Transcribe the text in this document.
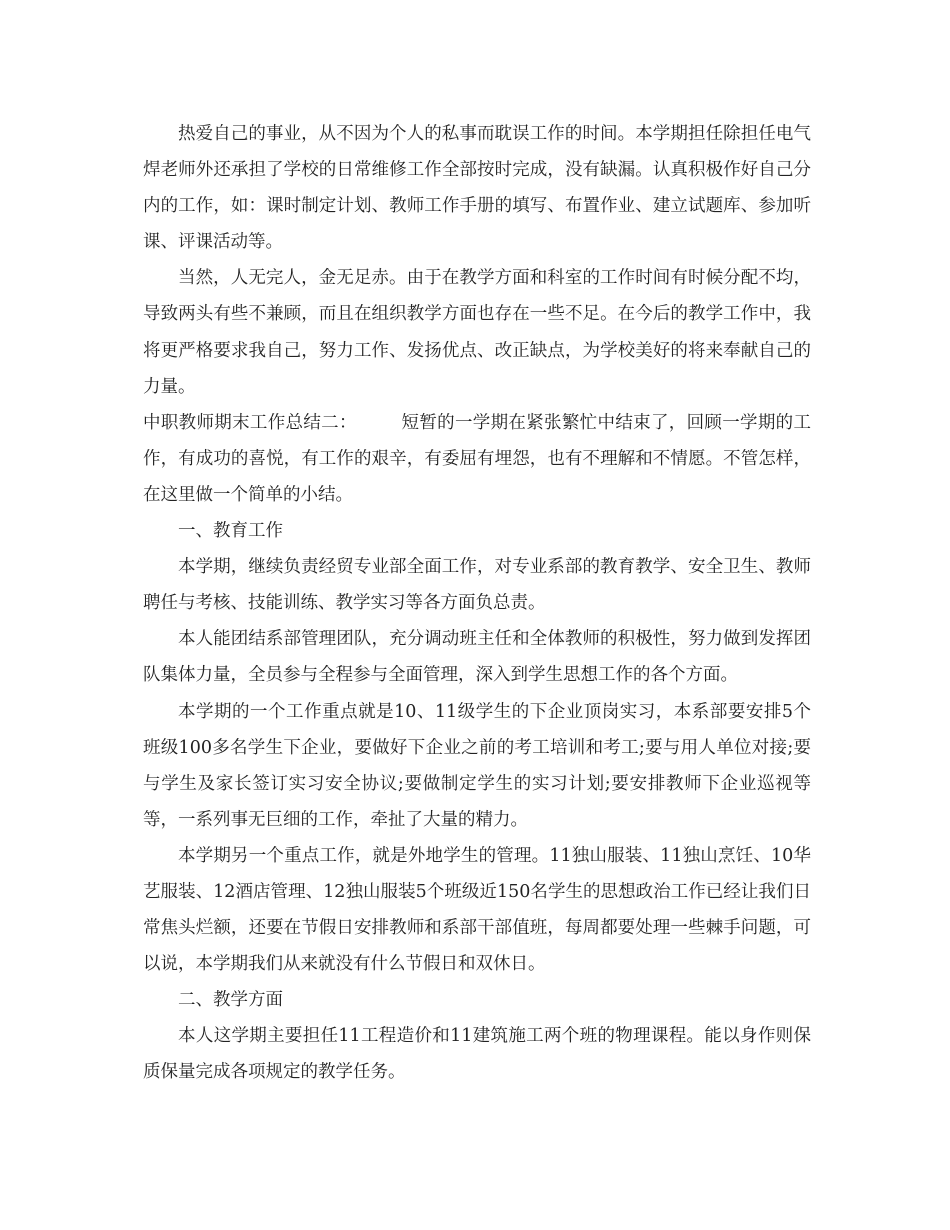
热爱自己的事业，从不因为个人的私事而耽误工作的时间。本学期担任除担任电气焊老师外还承担了学校的日常维修工作全部按时完成，没有缺漏。认真积极作好自己分内的工作，如：课时制定计划、教师工作手册的填写、布置作业、建立试题库、参加听课、评课活动等。

当然，人无完人，金无足赤。由于在教学方面和科室的工作时间有时候分配不均，导致两头有些不兼顾，而且在组织教学方面也存在一些不足。在今后的教学工作中，我将更严格要求我自己，努力工作、发扬优点、改正缺点，为学校美好的将来奉献自己的力量。

中职教师期末工作总结二：　　　短暂的一学期在紧张繁忙中结束了，回顾一学期的工作，有成功的喜悦，有工作的艰辛，有委屈有埋怨，也有不理解和不情愿。不管怎样，在这里做一个简单的小结。

一、教育工作

本学期，继续负责经贸专业部全面工作，对专业系部的教育教学、安全卫生、教师聘任与考核、技能训练、教学实习等各方面负总责。

本人能团结系部管理团队，充分调动班主任和全体教师的积极性，努力做到发挥团队集体力量，全员参与全程参与全面管理，深入到学生思想工作的各个方面。

本学期的一个工作重点就是10、11级学生的下企业顶岗实习，本系部要安排5个班级100多名学生下企业，要做好下企业之前的考工培训和考工;要与用人单位对接;要与学生及家长签订实习安全协议;要做制定学生的实习计划;要安排教师下企业巡视等等，一系列事无巨细的工作，牵扯了大量的精力。

本学期另一个重点工作，就是外地学生的管理。11独山服装、11独山烹饪、10华艺服装、12酒店管理、12独山服装5个班级近150名学生的思想政治工作已经让我们日常焦头烂额，还要在节假日安排教师和系部干部值班，每周都要处理一些棘手问题，可以说，本学期我们从来就没有什么节假日和双休日。

二、教学方面

本人这学期主要担任11工程造价和11建筑施工两个班的物理课程。能以身作则保质保量完成各项规定的教学任务。
